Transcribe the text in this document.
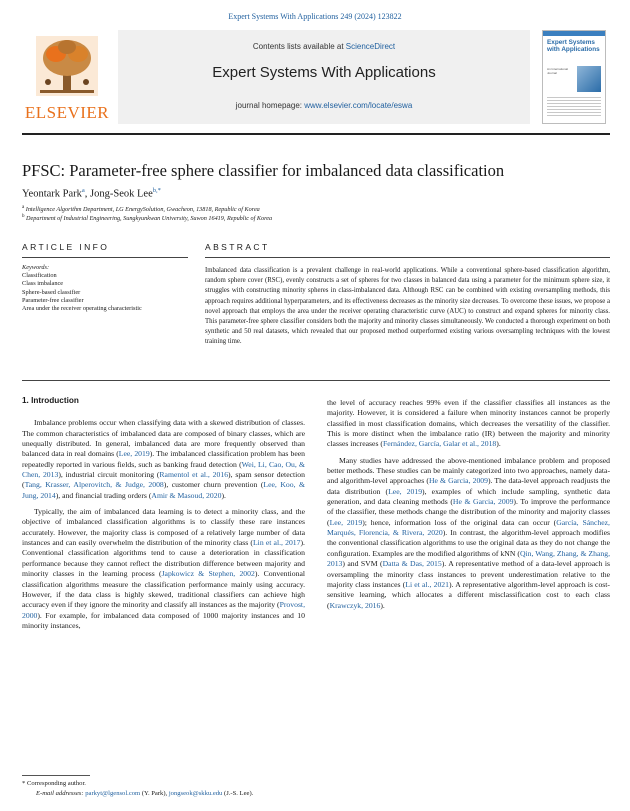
Expert Systems With Applications 249 (2024) 123822
ELSEVIER
Contents lists available at ScienceDirect
Expert Systems With Applications
journal homepage: www.elsevier.com/locate/eswa
Expert Systems with Applications
An International Journal
PFSC: Parameter-free sphere classifier for imbalanced data classification
Yeontark Park$^a$, Jong-Seok Lee$^{b,*}$
$^a$ Intelligence Algorithm Department, LG EnergySolution, Gwacheon, 13818, Republic of Korea
$^b$ Department of Industrial Engineering, Sungkyunkwan University, Suwon 16419, Republic of Korea
ARTICLE INFO	ABSTRACT
Keywords:
Classification
Class imbalance
Sphere-based classifier
Parameter-free classifier
Area under the receiver operating characteristic
Imbalanced data classification is a prevalent challenge in real-world applications. While a conventional sphere-based classification algorithm, random sphere cover (RSC), evenly constructs a set of spheres for two classes in balanced data using a parameter for the minimum sphere size, it struggles with constructing minority spheres in class-imbalanced data. Although RSC can be combined with existing oversampling methods, this approach requires additional hyperparameters, and its effectiveness decreases as the minority size decreases. To overcome these issues, we propose a novel approach that employs the area under the receiver operating characteristic curve (AUC) to construct and expand spheres for minority class. This parameter-free sphere classifier considers both the majority and minority classes simultaneously. We conducted a thorough experiment on both synthetic and 50 real datasets, which revealed that our proposed method outperformed existing various oversampling techniques with the lowest training time.
1. Introduction

Imbalance problems occur when classifying data with a skewed distribution of classes. The common characteristics of imbalanced data are composed of binary classes, which are unequally distributed. In general, imbalanced data are more frequently observed than balanced data in real domains (Lee, 2019). The imbalanced classification problem has been repeatedly reported in various fields, such as banking fraud detection (Wei, Li, Cao, Ou, & Chen, 2013), industrial circuit monitoring (Ramentol et al., 2016), spam sensor detection (Tang, Krasser, Alperovitch, & Judge, 2008), customer churn prevention (Lee, Koo, & Jung, 2014), and financial trading orders (Amir & Masoud, 2020).

Typically, the aim of imbalanced data learning is to detect a minority class, and the objective of imbalanced classification algorithms is to classify these rare instances accurately. However, the majority class is composed of a relatively large number of data instances and can easily overwhelm the distribution of the minority class (Lin et al., 2017). Conventional classification algorithms tend to cause a deterioration in classification performance because they cannot reflect the distribution difference between majority and minority classes in the learning process (Japkowicz & Stephen, 2002). Conventional classification algorithms measure the classification performance mainly using accuracy. However, if the data class is highly skewed, traditional classifiers can achieve high accuracy even if they ignore the minority and classify all instances as the majority (Provost, 2000). For example, for imbalanced data composed of 1000 majority instances and 10 minority instances,

the level of accuracy reaches 99% even if the classifier classifies all instances as the majority. However, it is considered a failure when minority instances cannot be properly classified in most classification domains, which decreases the versatility of the classifier. This is more distinct when the imbalance ratio (IR) between the majority and minority classes increases (Fernández, García, Galar et al., 2018).

Many studies have addressed the above-mentioned imbalance problem and proposed better methods. These studies can be mainly categorized into two approaches, namely data- and algorithm-level approaches (He & Garcia, 2009). The data-level approach readjusts the data distribution (Lee, 2019), examples of which include sampling, synthetic data generation, and data cleaning methods (He & Garcia, 2009). To improve the performance of the classifier, these methods change the distribution of the minority and majority classes (Lee, 2019); hence, information loss of the original data can occur (García, Sánchez, Marqués, Florencia, & Rivera, 2020). In contrast, the algorithm-level approach modifies the conventional classification algorithms to use the original data as they do not change the configuration. Examples are the modified algorithms of kNN (Qin, Wang, Zhang, & Zhang, 2013) and SVM (Datta & Das, 2015). A representative method of a data-level approach is oversampling the minority class instances to prevent underestimation relative to the majority class instances (Li et al., 2021). A representative algorithm-level approach is cost-sensitive learning, which allocates a different misclassification cost to each class (Krawczyk, 2016).

* Corresponding author.
E-mail addresses: parkyt@lgensol.com (Y. Park), jongseok@skku.edu (J.-S. Lee).
